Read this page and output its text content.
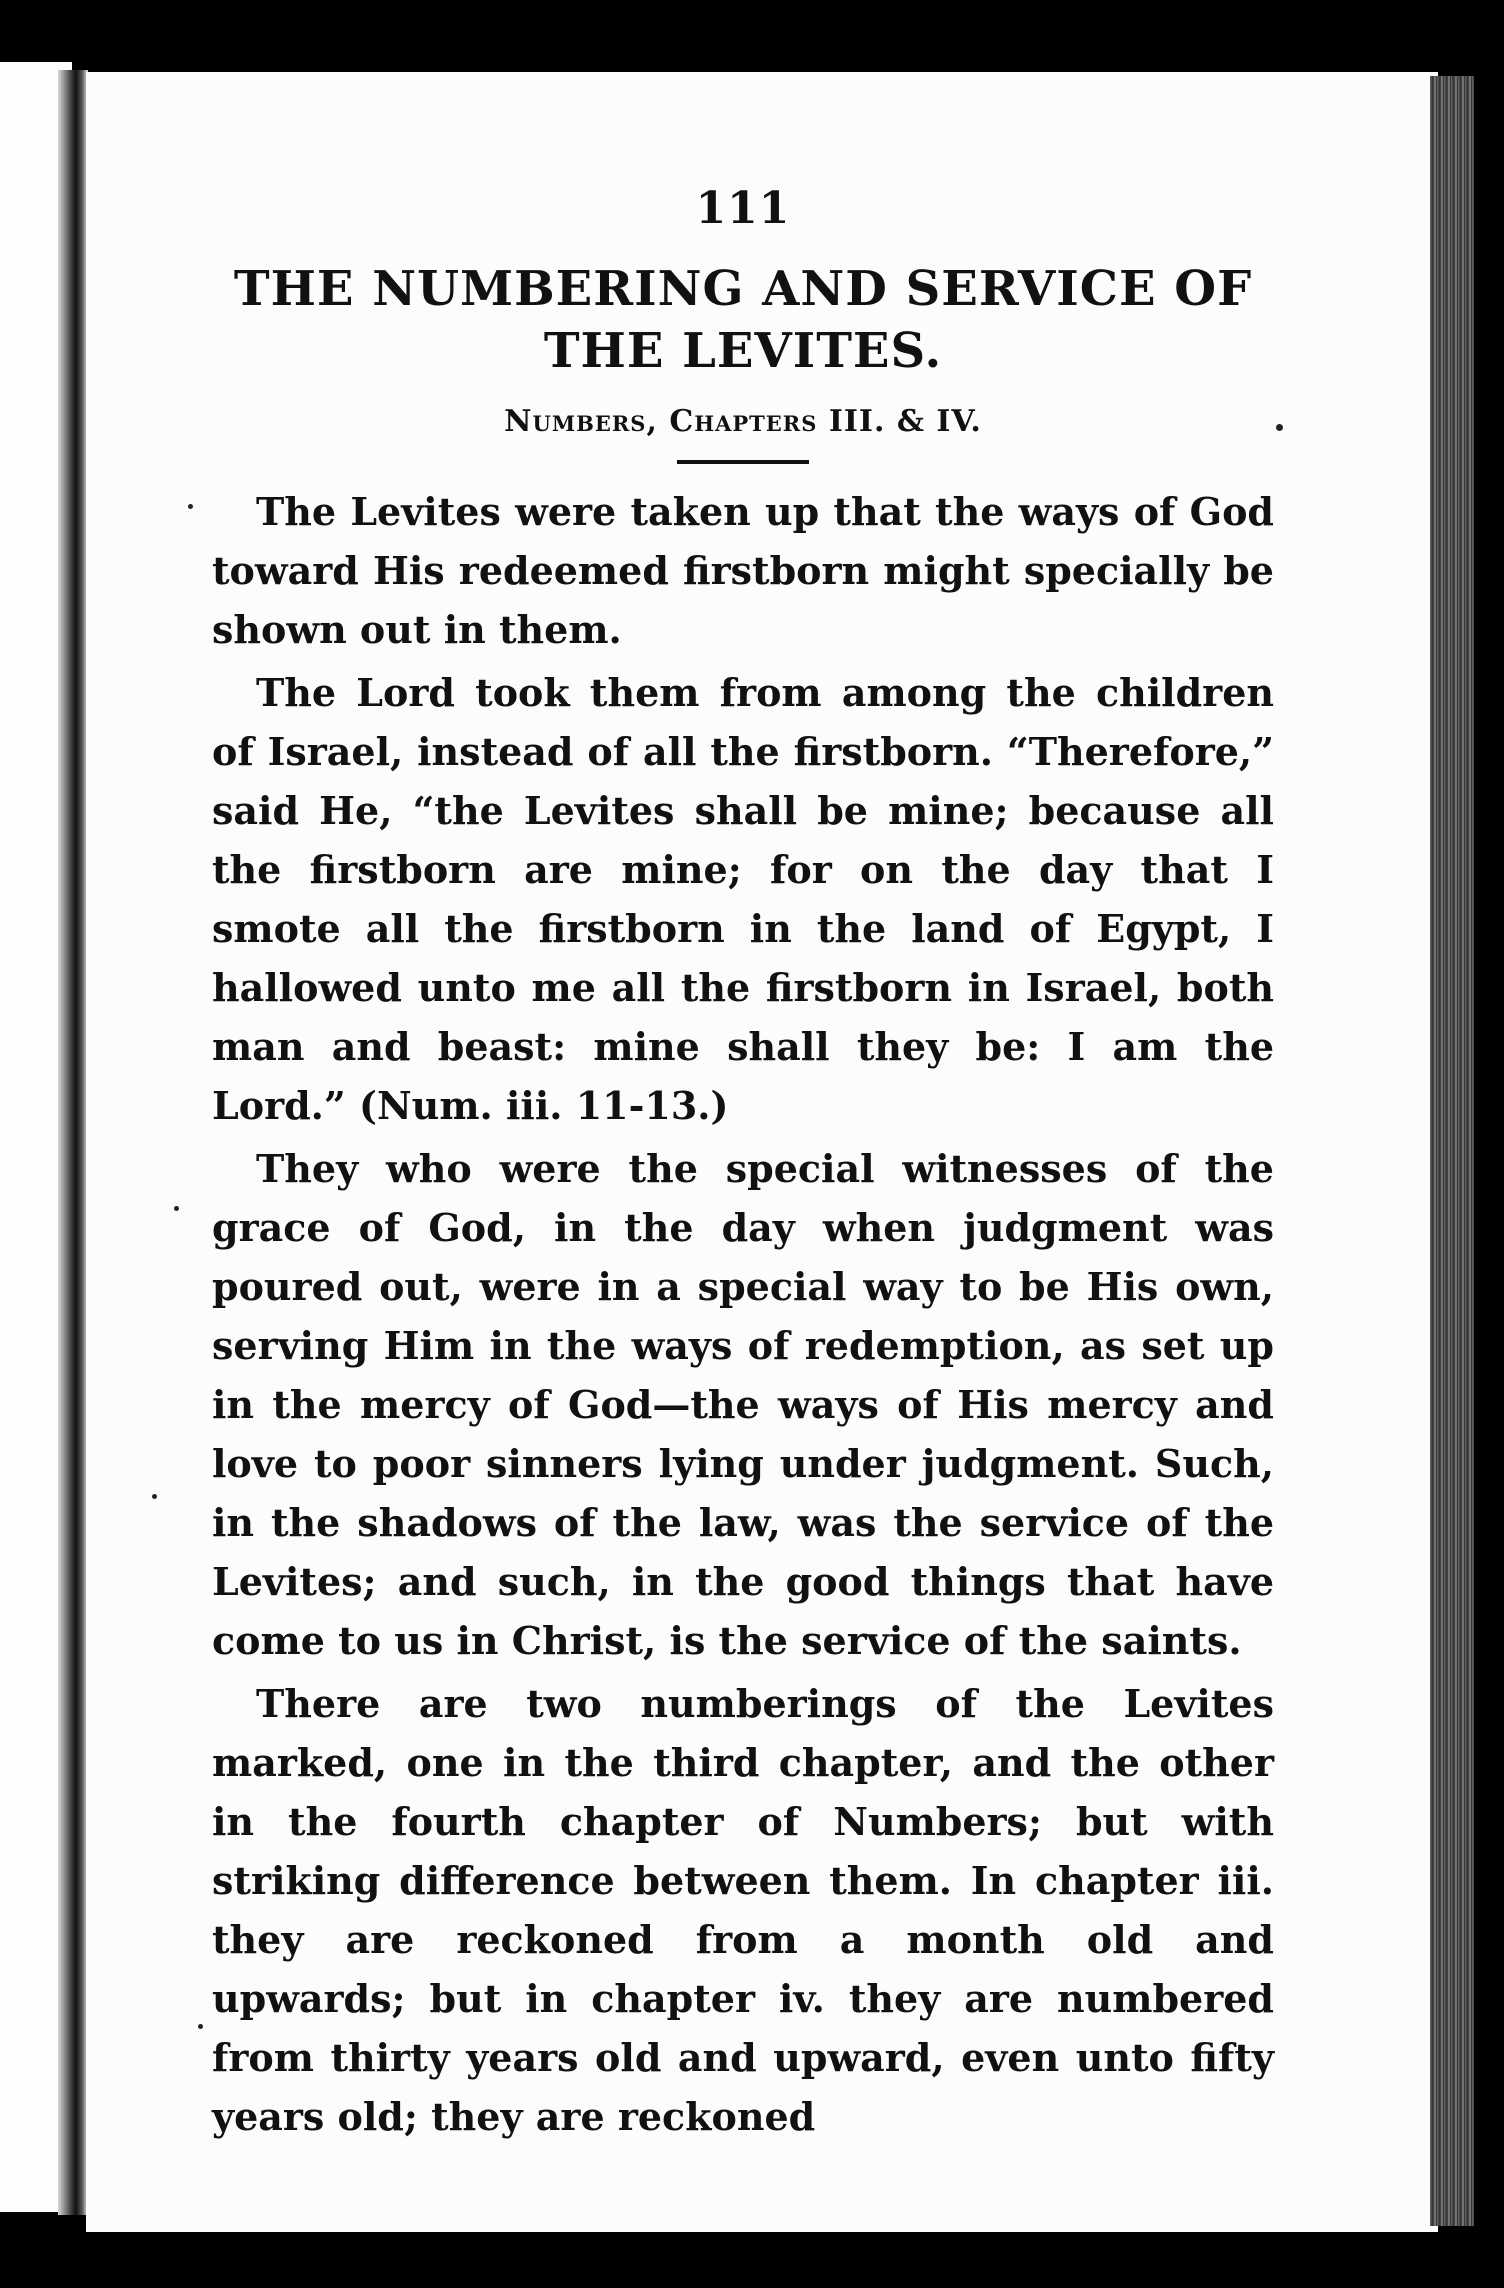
111
THE NUMBERING AND SERVICE OF THE LEVITES.
Numbers, Chapters III. & IV.

The Levites were taken up that the ways of God toward His redeemed firstborn might specially be shown out in them.

The Lord took them from among the children of Israel, instead of all the firstborn. “Therefore,” said He, “the Levites shall be mine; because all the firstborn are mine; for on the day that I smote all the firstborn in the land of Egypt, I hallowed unto me all the firstborn in Israel, both man and beast: mine shall they be: I am the Lord.” (Num. iii. 11-13.)

They who were the special witnesses of the grace of God, in the day when judgment was poured out, were in a special way to be His own, serving Him in the ways of redemption, as set up in the mercy of God—the ways of His mercy and love to poor sinners lying under judgment. Such, in the shadows of the law, was the service of the Levites; and such, in the good things that have come to us in Christ, is the service of the saints.

There are two numberings of the Levites marked, one in the third chapter, and the other in the fourth chapter of Numbers; but with striking difference between them. In chapter iii. they are reckoned from a month old and upwards; but in chapter iv. they are numbered from thirty years old and upward, even unto fifty years old; they are reckoned
